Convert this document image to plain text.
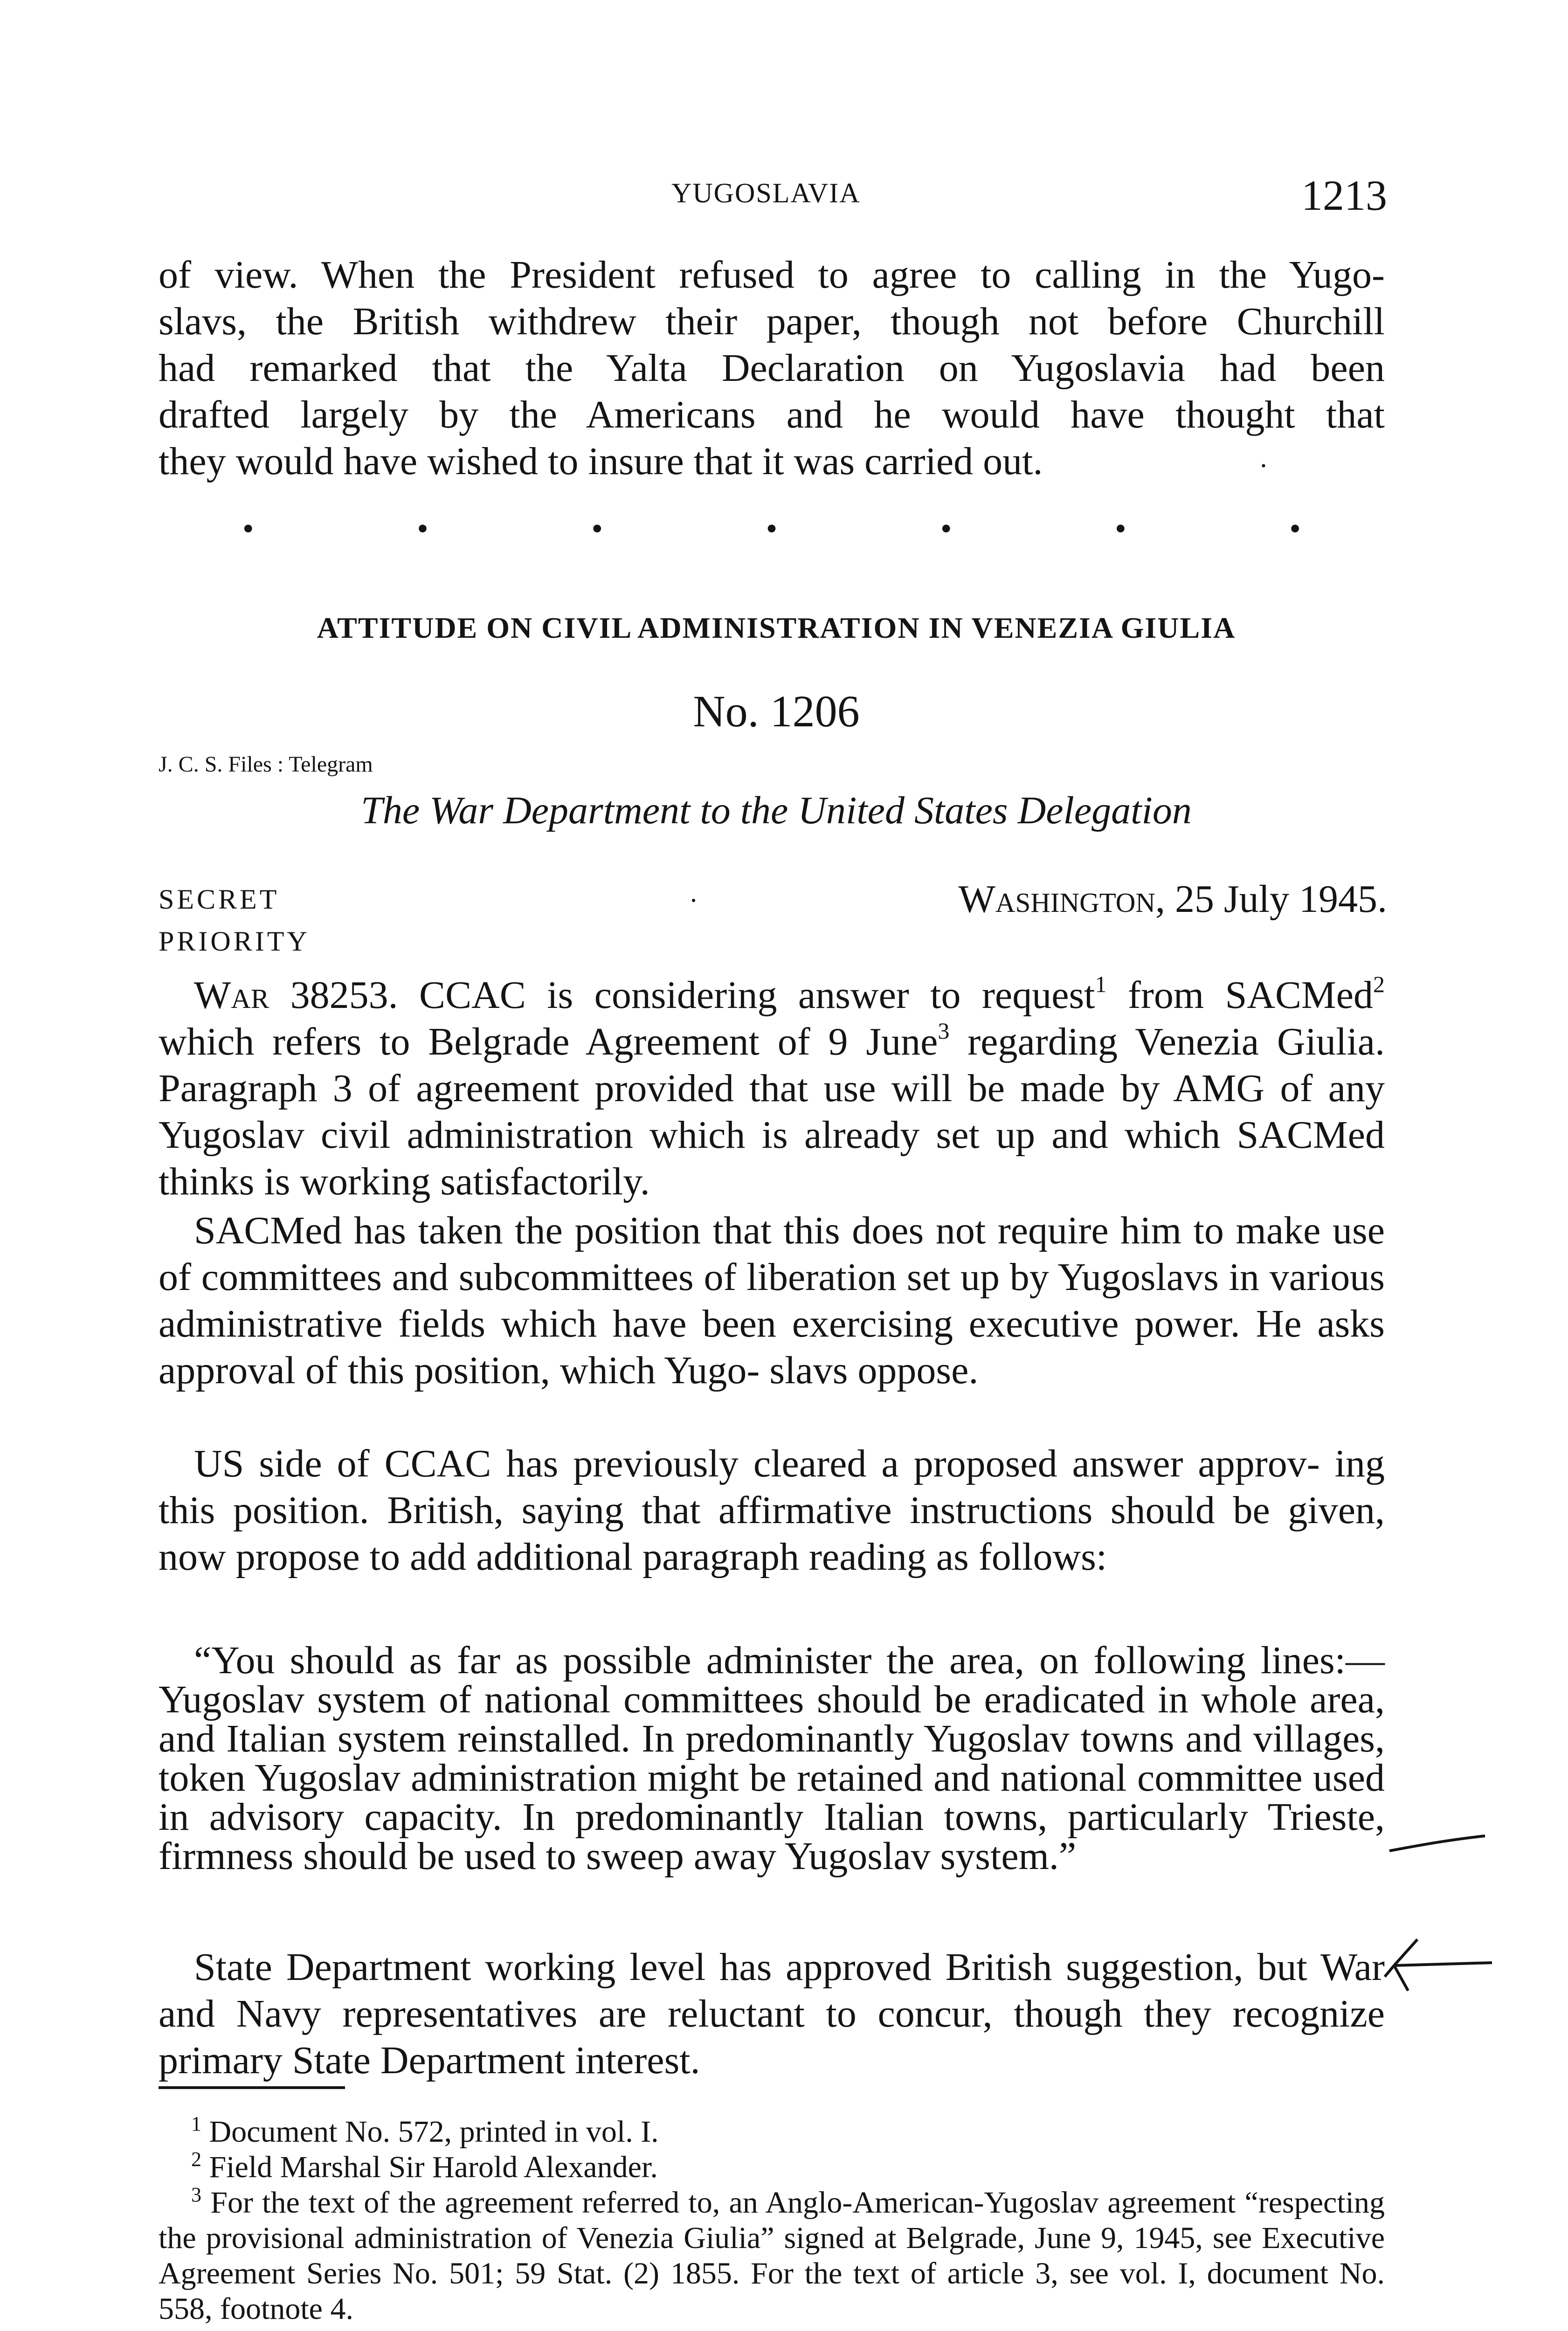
YUGOSLAVIA	1213
of view. When the President refused to agree to calling in the Yugo-
slavs, the British withdrew their paper, though not before Churchill
had remarked that the Yalta Declaration on Yugoslavia had been
drafted largely by the Americans and he would have thought that
they would have wished to insure that it was carried out.	·
•	•	•	•	•	•	•
ATTITUDE ON CIVIL ADMINISTRATION IN VENEZIA GIULIA
No. 1206
J. C. S. Files : Telegram
The War Department to the United States Delegation
SECRET
PRIORITY
.	Washington, 25 July 1945.
War 38253. CCAC is considering answer to request$^1$ from SACMed$^2$ which refers to Belgrade Agreement of 9 June$^3$ regarding Venezia Giulia. Paragraph 3 of agreement provided that use will be made by AMG of any Yugoslav civil administration which is already set up and which SACMed thinks is working satisfactorily.
SACMed has taken the position that this does not require him to make use of committees and subcommittees of liberation set up by Yugoslavs in various administrative fields which have been exercising executive power. He asks approval of this position, which Yugo- slavs oppose.
US side of CCAC has previously cleared a proposed answer approv- ing this position. British, saying that affirmative instructions should be given, now propose to add additional paragraph reading as follows:
“You should as far as possible administer the area, on following lines:—Yugoslav system of national committees should be eradicated in whole area, and Italian system reinstalled. In predominantly Yugoslav towns and villages, token Yugoslav administration might be retained and national committee used in advisory capacity. In predominantly Italian towns, particularly Trieste, firmness should be used to sweep away Yugoslav system.”
State Department working level has approved British suggestion, but War and Navy representatives are reluctant to concur, though they recognize primary State Department interest.

$^1$ Document No. 572, printed in vol. I.

$^2$ Field Marshal Sir Harold Alexander.

$^3$ For the text of the agreement referred to, an Anglo-American-Yugoslav agreement “respecting the provisional administration of Venezia Giulia” signed at Belgrade, June 9, 1945, see Executive Agreement Series No. 501; 59 Stat. (2) 1855. For the text of article 3, see vol. I, document No. 558, footnote 4.
